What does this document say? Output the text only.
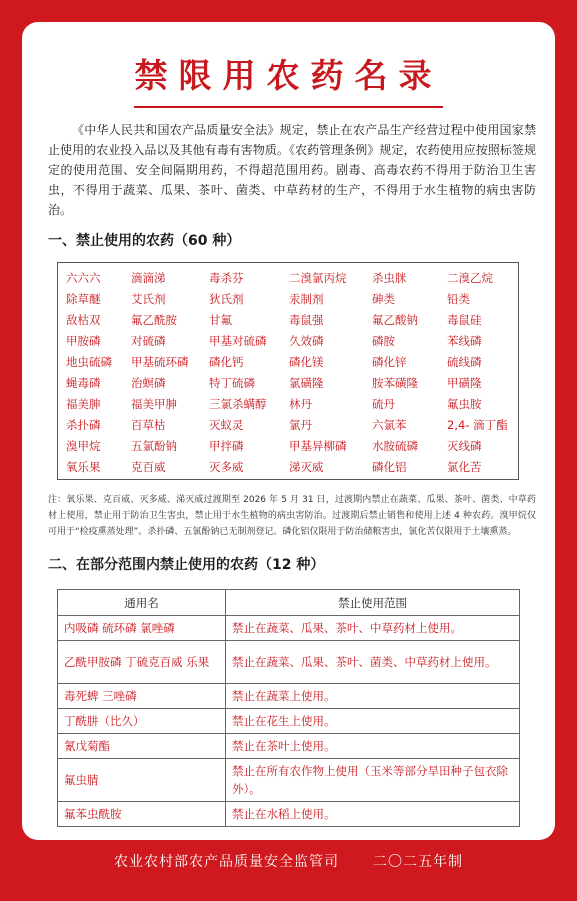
禁限用农药名录

《中华人民共和国农产品质量安全法》规定，禁止在农产品生产经营过程中使用国家禁止使用的农业投入品以及其他有毒有害物质。《农药管理条例》规定，农药使用应按照标签规定的使用范围、安全间隔期用药，不得超范围用药。剧毒、高毒农药不得用于防治卫生害虫，不得用于蔬菜、瓜果、茶叶、菌类、中草药材的生产，不得用于水生植物的病虫害防治。

一、禁止使用的农药（60 种）
六六六	滴滴涕	毒杀芬	二溴氯丙烷	杀虫脒	二溴乙烷
除草醚	艾氏剂	狄氏剂	汞制剂	砷类	铅类
敌枯双	氟乙酰胺	甘氟	毒鼠强	氟乙酸钠	毒鼠硅
甲胺磷	对硫磷	甲基对硫磷	久效磷	磷胺	苯线磷
地虫硫磷	甲基硫环磷	磷化钙	磷化镁	磷化锌	硫线磷
蝇毒磷	治螟磷	特丁硫磷	氯磺隆	胺苯磺隆	甲磺隆
福美胂	福美甲胂	三氯杀螨醇	林丹	硫丹	氟虫胺
杀扑磷	百草枯	灭蚁灵	氯丹	六氯苯	2,4- 滴丁酯
溴甲烷	五氯酚钠	甲拌磷	甲基异柳磷	水胺硫磷	灭线磷
氧乐果	克百威	灭多威	涕灭威	磷化铝	氯化苦

注：氧乐果、克百威、灭多威、涕灭威过渡期至 2026 年 5 月 31 日，过渡期内禁止在蔬菜、瓜果、茶叶、菌类、中草药材上使用，禁止用于防治卫生害虫，禁止用于水生植物的病虫害防治。过渡期后禁止销售和使用上述 4 种农药。溴甲烷仅可用于“检疫熏蒸处理”。杀扑磷、五氯酚钠已无制剂登记。磷化铝仅限用于防治储粮害虫，氯化苦仅限用于土壤熏蒸。

二、在部分范围内禁止使用的农药（12 种）
通用名	禁止使用范围
内吸磷 硫环磷 氯唑磷	禁止在蔬菜、瓜果、茶叶、中草药材上使用。
乙酰甲胺磷 丁硫克百威 乐果	禁止在蔬菜、瓜果、茶叶、菌类、中草药材上使用。
毒死蜱 三唑磷	禁止在蔬菜上使用。
丁酰肼（比久）	禁止在花生上使用。
氰戊菊酯	禁止在茶叶上使用。
氟虫腈	禁止在所有农作物上使用（玉米等部分旱田种子包衣除外）。
氟苯虫酰胺	禁止在水稻上使用。

农业农村部农产品质量安全监管司 二〇二五年制
